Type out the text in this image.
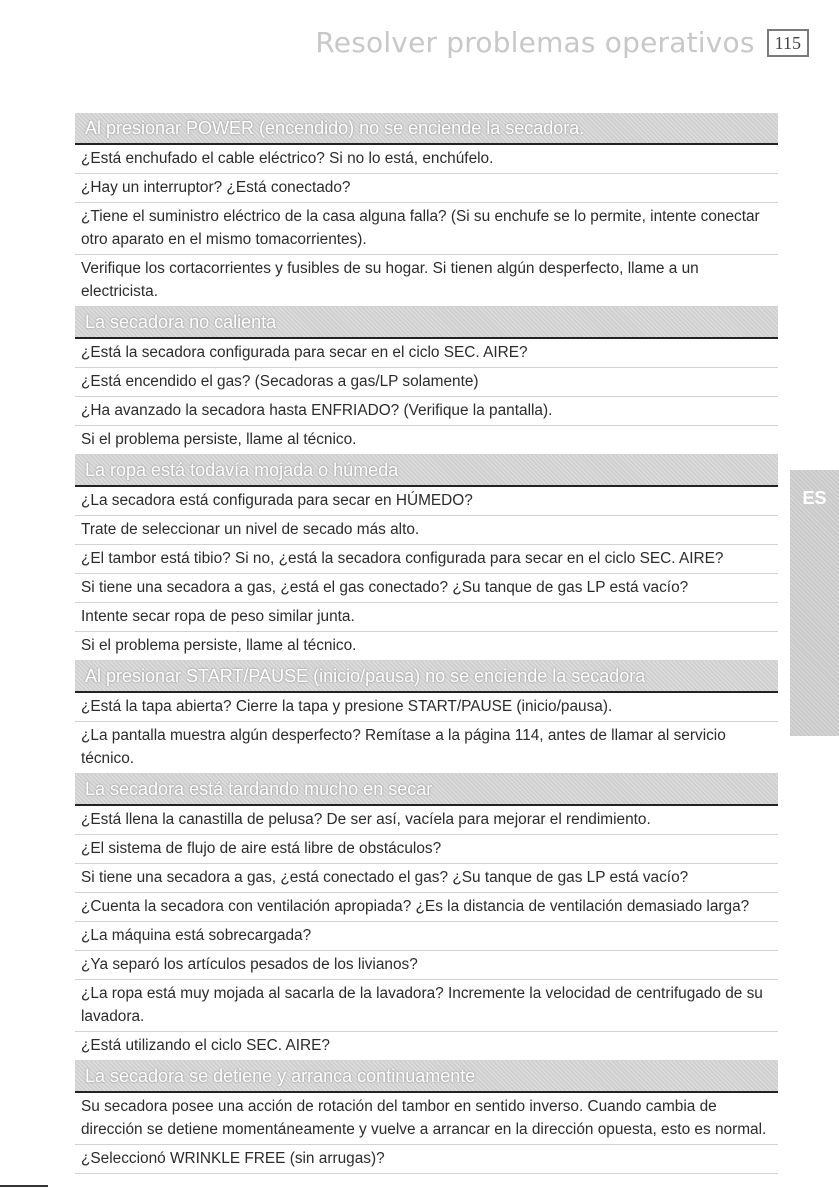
Resolver problemas operativos	115
Al presionar POWER (encendido) no se enciende la secadora.
¿Está enchufado el cable eléctrico? Si no lo está, enchúfelo.
¿Hay un interruptor? ¿Está conectado?
¿Tiene el suministro eléctrico de la casa alguna falla? (Si su enchufe se lo permite, intente conectar otro aparato en el mismo tomacorrientes).
Verifique los cortacorrientes y fusibles de su hogar. Si tienen algún desperfecto, llame a un electricista.
La secadora no calienta
¿Está la secadora configurada para secar en el ciclo SEC. AIRE?
¿Está encendido el gas? (Secadoras a gas/LP solamente)
¿Ha avanzado la secadora hasta ENFRIADO? (Verifique la pantalla).
Si el problema persiste, llame al técnico.
La ropa está todavía mojada o húmeda
¿La secadora está configurada para secar en HÚMEDO?
Trate de seleccionar un nivel de secado más alto.
¿El tambor está tibio? Si no, ¿está la secadora configurada para secar en el ciclo SEC. AIRE?
Si tiene una secadora a gas, ¿está el gas conectado? ¿Su tanque de gas LP está vacío?
Intente secar ropa de peso similar junta.
Si el problema persiste, llame al técnico.
Al presionar START/PAUSE (inicio/pausa) no se enciende la secadora
¿Está la tapa abierta? Cierre la tapa y presione START/PAUSE (inicio/pausa).
¿La pantalla muestra algún desperfecto? Remítase a la página 114, antes de llamar al servicio técnico.
La secadora está tardando mucho en secar
¿Está llena la canastilla de pelusa? De ser así, vacíela para mejorar el rendimiento.
¿El sistema de flujo de aire está libre de obstáculos?
Si tiene una secadora a gas, ¿está conectado el gas? ¿Su tanque de gas LP está vacío?
¿Cuenta la secadora con ventilación apropiada? ¿Es la distancia de ventilación demasiado larga?
¿La máquina está sobrecargada?
¿Ya separó los artículos pesados de los livianos?
¿La ropa está muy mojada al sacarla de la lavadora? Incremente la velocidad de centrifugado de su lavadora.
¿Está utilizando el ciclo SEC. AIRE?
La secadora se detiene y arranca continuamente
Su secadora posee una acción de rotación del tambor en sentido inverso. Cuando cambia de dirección se detiene momentáneamente y vuelve a arrancar en la dirección opuesta, esto es normal.
¿Seleccionó WRINKLE FREE (sin arrugas)?
ES
